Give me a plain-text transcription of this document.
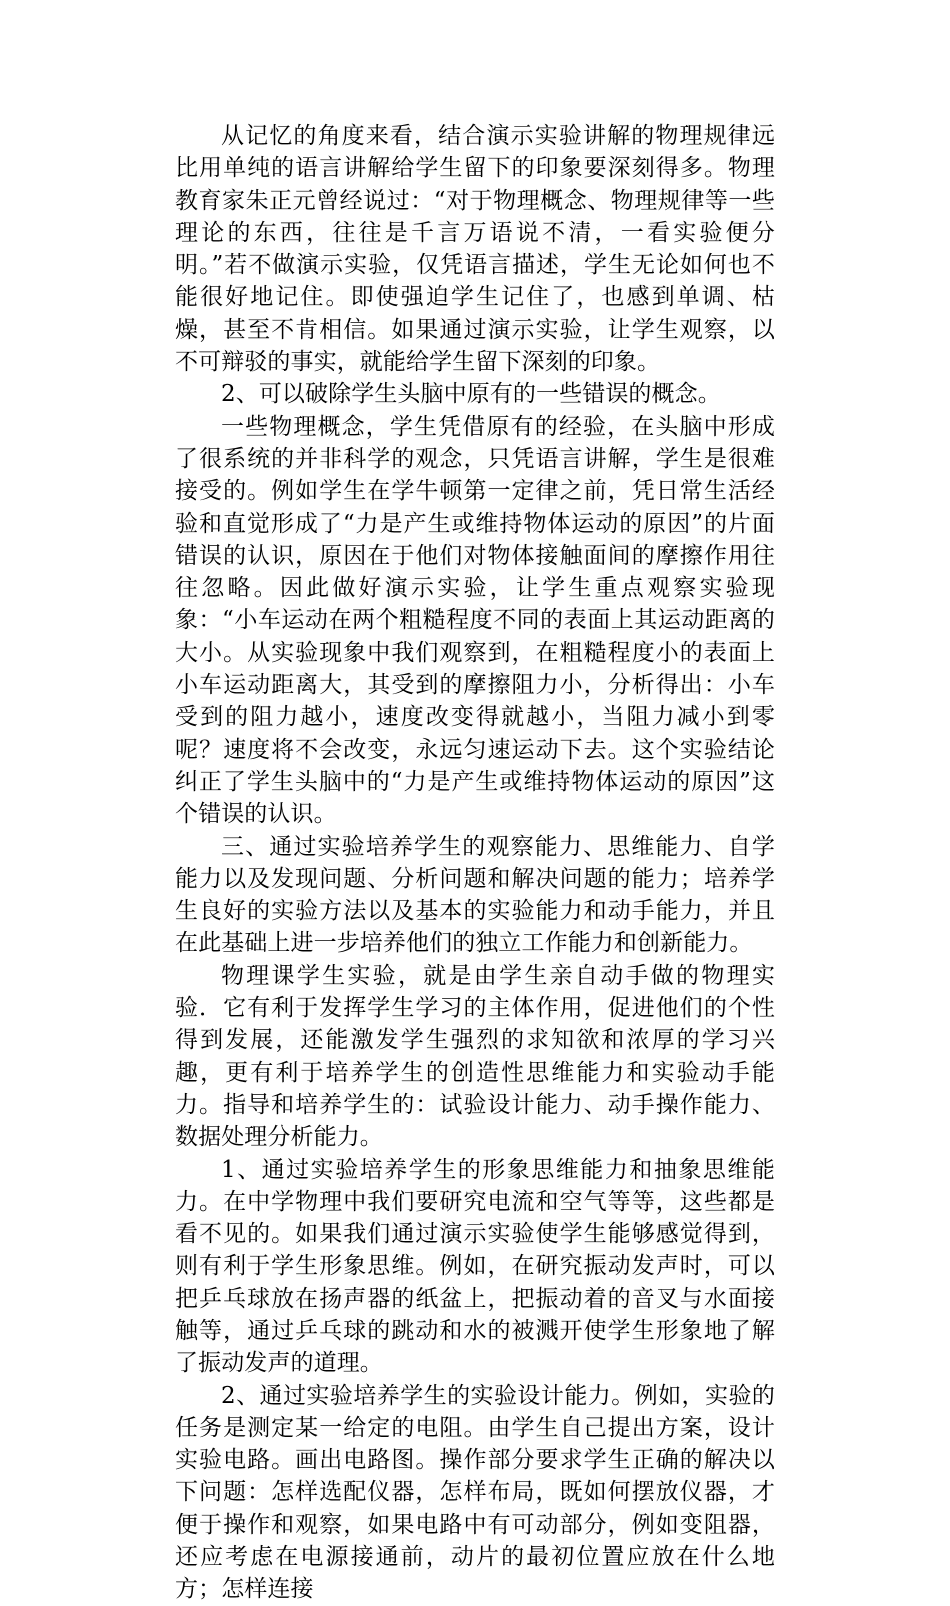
从记忆的角度来看，结合演示实验讲解的物理规律远比用单纯的语言讲解给学生留下的印象要深刻得多。物理教育家朱正元曾经说过：“对于物理概念、物理规律等一些理论的东西，往往是千言万语说不清，一看实验便分明。”若不做演示实验，仅凭语言描述，学生无论如何也不能很好地记住。即使强迫学生记住了，也感到单调、枯燥，甚至不肯相信。如果通过演示实验，让学生观察，以不可辩驳的事实，就能给学生留下深刻的印象。

2、可以破除学生头脑中原有的一些错误的概念。

一些物理概念，学生凭借原有的经验，在头脑中形成了很系统的并非科学的观念，只凭语言讲解，学生是很难接受的。例如学生在学牛顿第一定律之前，凭日常生活经验和直觉形成了“力是产生或维持物体运动的原因”的片面错误的认识，原因在于他们对物体接触面间的摩擦作用往往忽略。因此做好演示实验，让学生重点观察实验现象：“小车运动在两个粗糙程度不同的表面上其运动距离的大小。从实验现象中我们观察到，在粗糙程度小的表面上小车运动距离大，其受到的摩擦阻力小，分析得出：小车受到的阻力越小，速度改变得就越小，当阻力减小到零呢？速度将不会改变，永远匀速运动下去。这个实验结论纠正了学生头脑中的“力是产生或维持物体运动的原因”这个错误的认识。

三、通过实验培养学生的观察能力、思维能力、自学能力以及发现问题、分析问题和解决问题的能力；培养学生良好的实验方法以及基本的实验能力和动手能力，并且在此基础上进一步培养他们的独立工作能力和创新能力。

物理课学生实验，就是由学生亲自动手做的物理实验．它有利于发挥学生学习的主体作用，促进他们的个性得到发展，还能激发学生强烈的求知欲和浓厚的学习兴趣，更有利于培养学生的创造性思维能力和实验动手能力。指导和培养学生的：试验设计能力、动手操作能力、数据处理分析能力。

1、通过实验培养学生的形象思维能力和抽象思维能力。在中学物理中我们要研究电流和空气等等，这些都是看不见的。如果我们通过演示实验使学生能够感觉得到，则有利于学生形象思维。例如，在研究振动发声时，可以把乒乓球放在扬声器的纸盆上，把振动着的音叉与水面接触等，通过乒乓球的跳动和水的被溅开使学生形象地了解了振动发声的道理。

2、通过实验培养学生的实验设计能力。例如，实验的任务是测定某一给定的电阻。由学生自己提出方案，设计实验电路。画出电路图。操作部分要求学生正确的解决以下问题：怎样选配仪器，怎样布局，既如何摆放仪器，才便于操作和观察，如果电路中有可动部分，例如变阻器，还应考虑在电源接通前，动片的最初位置应放在什么地方；怎样连接
